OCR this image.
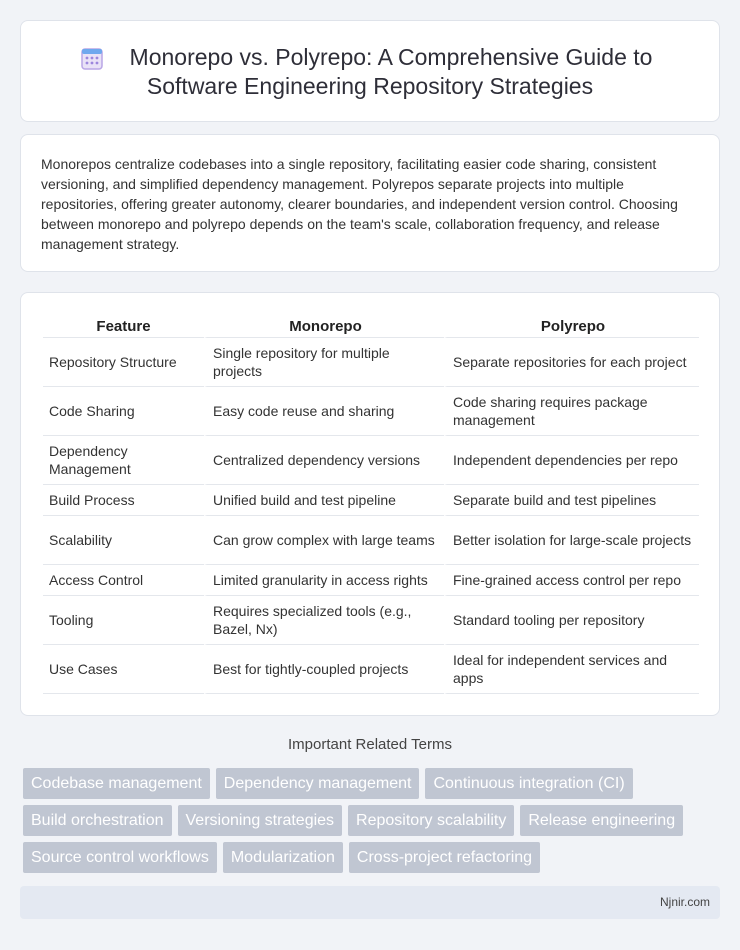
Monorepo vs. Polyrepo: A Comprehensive Guide to
Software Engineering Repository Strategies

Monorepos centralize codebases into a single repository, facilitating easier code sharing, consistent versioning, and simplified dependency management. Polyrepos separate projects into multiple repositories, offering greater autonomy, clearer boundaries, and independent version control. Choosing between monorepo and polyrepo depends on the team's scale, collaboration frequency, and release management strategy.

Feature	Monorepo	Polyrepo
Repository Structure	Single repository for multiple projects	Separate repositories for each project
Code Sharing	Easy code reuse and sharing	Code sharing requires package management
Dependency Management	Centralized dependency versions	Independent dependencies per repo
Build Process	Unified build and test pipeline	Separate build and test pipelines
Scalability	Can grow complex with large teams	Better isolation for large-scale projects
Access Control	Limited granularity in access rights	Fine-grained access control per repo
Tooling	Requires specialized tools (e.g., Bazel, Nx)	Standard tooling per repository
Use Cases	Best for tightly-coupled projects	Ideal for independent services and apps
Important Related Terms
Codebase management	Dependency management	Continuous integration (CI)
Build orchestration	Versioning strategies	Repository scalability	Release engineering
Source control workflows	Modularization	Cross-project refactoring
Njnir.com
